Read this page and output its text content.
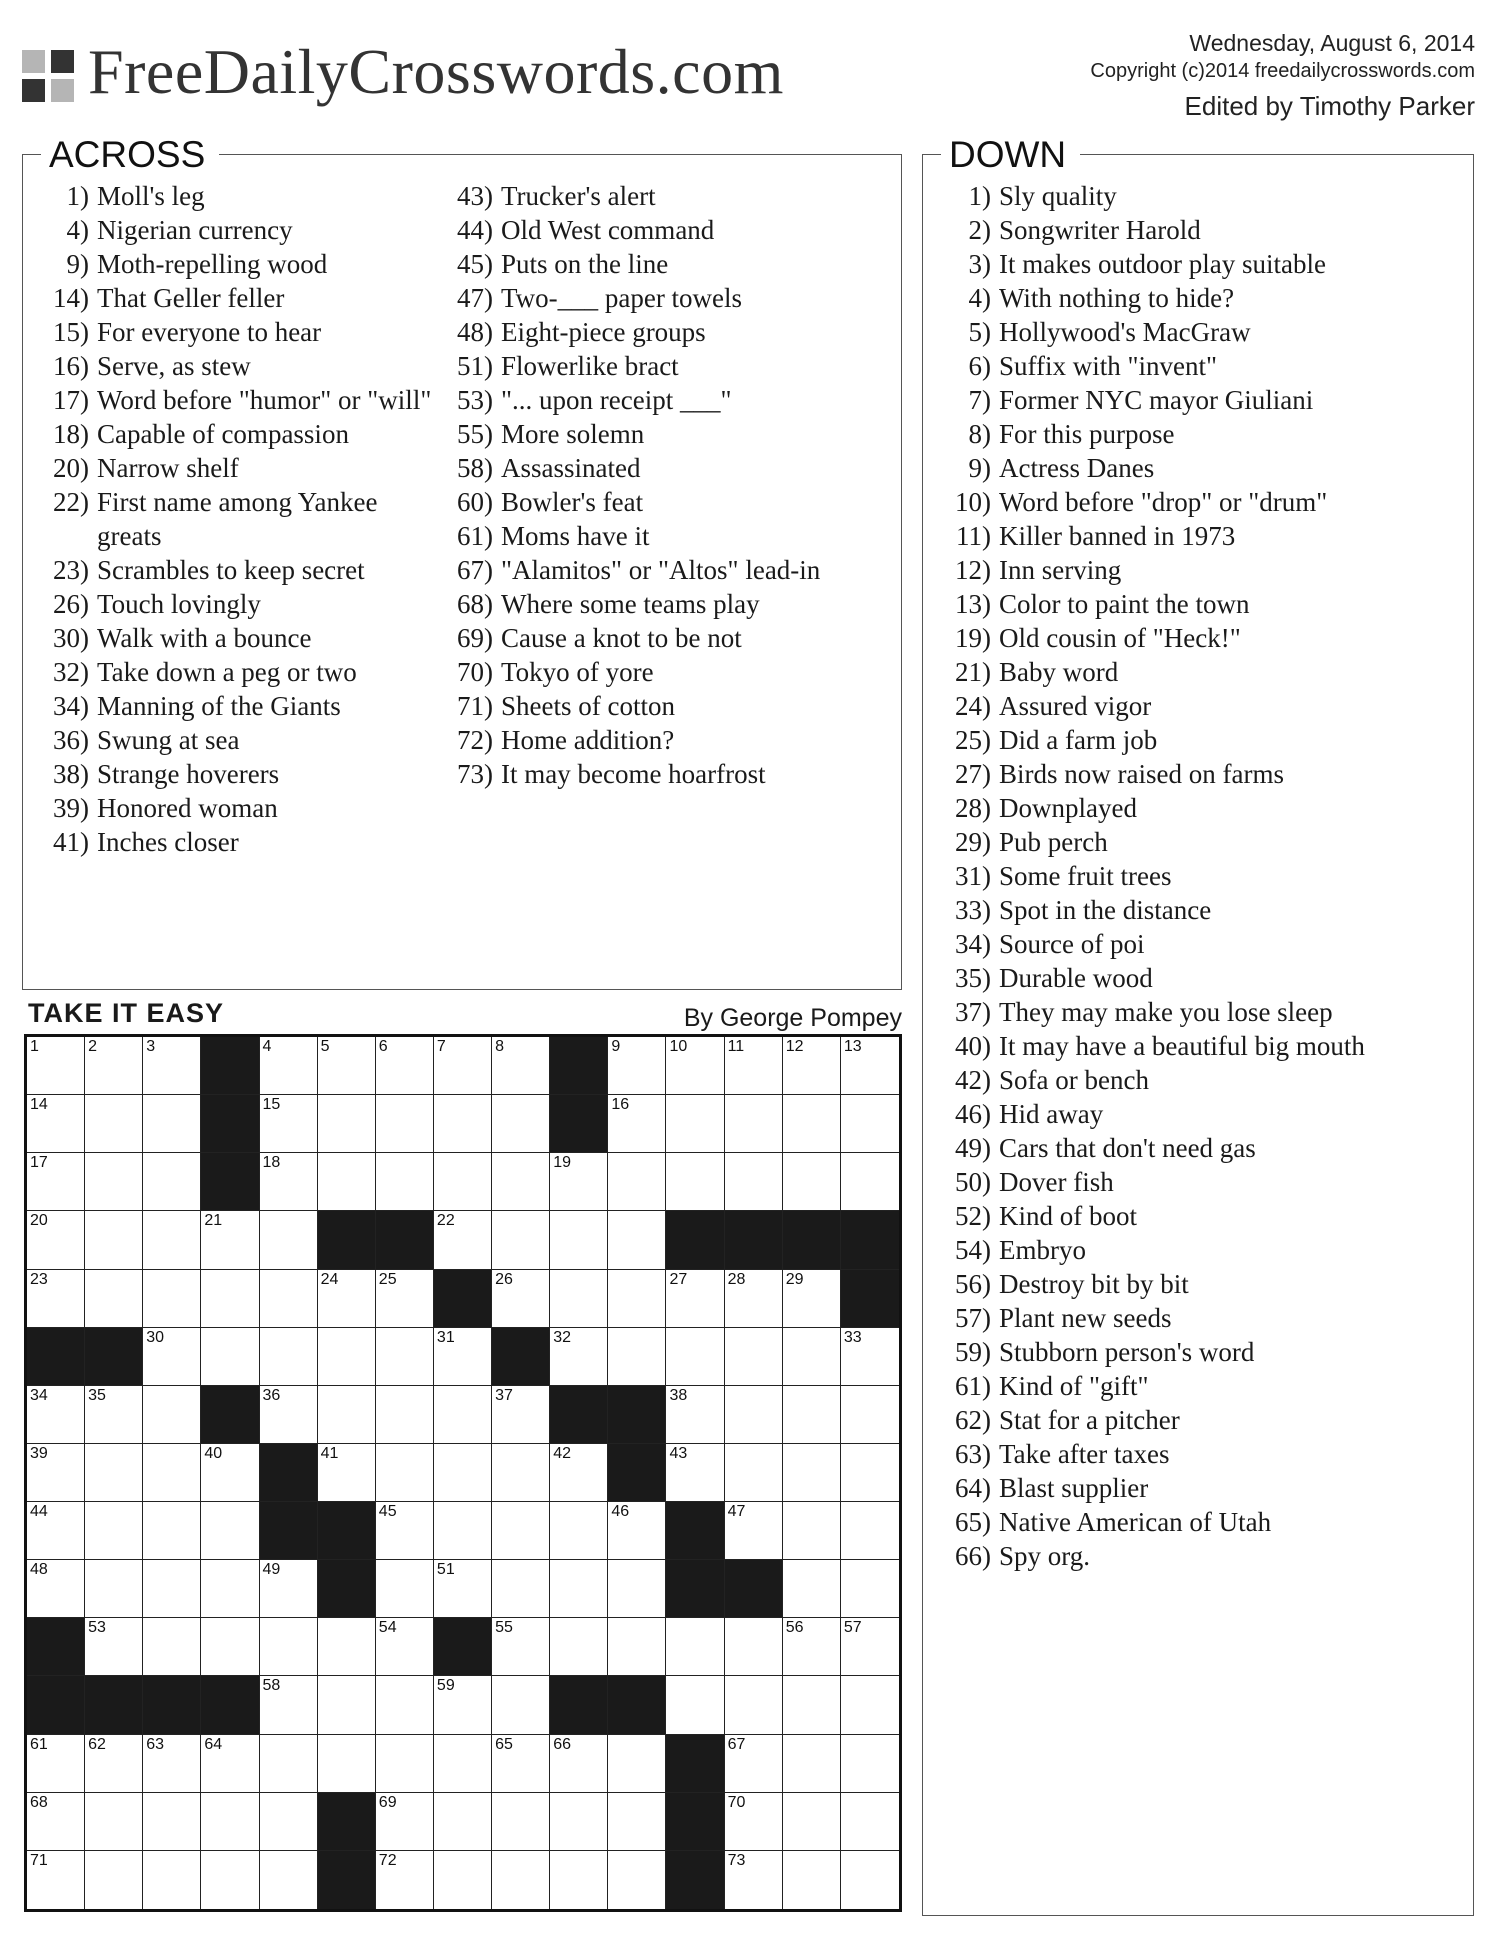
FreeDailyCrosswords.com	Wednesday, August 6, 2014
Copyright (c)2014 freedailycrosswords.com
Edited by Timothy Parker
ACROSS
1) Moll's leg
4) Nigerian currency
9) Moth-repelling wood
14) That Geller feller
15) For everyone to hear
16) Serve, as stew
17) Word before "humor" or "will"
18) Capable of compassion
20) Narrow shelf
22) First name among Yankee greats
23) Scrambles to keep secret
26) Touch lovingly
30) Walk with a bounce
32) Take down a peg or two
34) Manning of the Giants
36) Swung at sea
38) Strange hoverers
39) Honored woman
41) Inches closer
43) Trucker's alert
44) Old West command
45) Puts on the line
47) Two-___ paper towels
48) Eight-piece groups
51) Flowerlike bract
53) "... upon receipt ___"
55) More solemn
58) Assassinated
60) Bowler's feat
61) Moms have it
67) "Alamitos" or "Altos" lead-in
68) Where some teams play
69) Cause a knot to be not
70) Tokyo of yore
71) Sheets of cotton
72) Home addition?
73) It may become hoarfrost
DOWN
1) Sly quality
2) Songwriter Harold
3) It makes outdoor play suitable
4) With nothing to hide?
5) Hollywood's MacGraw
6) Suffix with "invent"
7) Former NYC mayor Giuliani
8) For this purpose
9) Actress Danes
10) Word before "drop" or "drum"
11) Killer banned in 1973
12) Inn serving
13) Color to paint the town
19) Old cousin of "Heck!"
21) Baby word
24) Assured vigor
25) Did a farm job
27) Birds now raised on farms
28) Downplayed
29) Pub perch
31) Some fruit trees
33) Spot in the distance
34) Source of poi
35) Durable wood
37) They may make you lose sleep
40) It may have a beautiful big mouth
42) Sofa or bench
46) Hid away
49) Cars that don't need gas
50) Dover fish
52) Kind of boot
54) Embryo
56) Destroy bit by bit
57) Plant new seeds
59) Stubborn person's word
61) Kind of "gift"
62) Stat for a pitcher
63) Take after taxes
64) Blast supplier
65) Native American of Utah
66) Spy org.
TAKE IT EASY	By George Pompey
1	2	3	4	5	6	7	8	9	10	11	12	13
14	15	16
17	18	19
20	21	22
23	24	25	26	27	28	29
30	31	32	33
34	35	36	37	38
39	40	41	42	43
44	45	46	47
48	49	51
53	54	55	56	57
58	59
61	62	63	64	65	66	67
68	69	70
71	72	73
